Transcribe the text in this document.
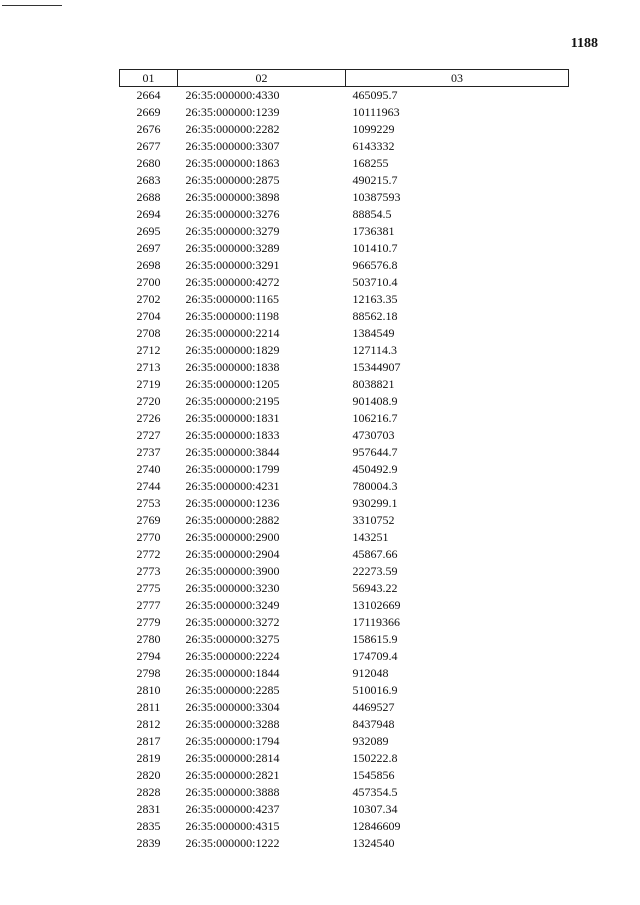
1188
01	02	03
2664	26:35:000000:4330	465095.7
2669	26:35:000000:1239	10111963
2676	26:35:000000:2282	1099229
2677	26:35:000000:3307	6143332
2680	26:35:000000:1863	168255
2683	26:35:000000:2875	490215.7
2688	26:35:000000:3898	10387593
2694	26:35:000000:3276	88854.5
2695	26:35:000000:3279	1736381
2697	26:35:000000:3289	101410.7
2698	26:35:000000:3291	966576.8
2700	26:35:000000:4272	503710.4
2702	26:35:000000:1165	12163.35
2704	26:35:000000:1198	88562.18
2708	26:35:000000:2214	1384549
2712	26:35:000000:1829	127114.3
2713	26:35:000000:1838	15344907
2719	26:35:000000:1205	8038821
2720	26:35:000000:2195	901408.9
2726	26:35:000000:1831	106216.7
2727	26:35:000000:1833	4730703
2737	26:35:000000:3844	957644.7
2740	26:35:000000:1799	450492.9
2744	26:35:000000:4231	780004.3
2753	26:35:000000:1236	930299.1
2769	26:35:000000:2882	3310752
2770	26:35:000000:2900	143251
2772	26:35:000000:2904	45867.66
2773	26:35:000000:3900	22273.59
2775	26:35:000000:3230	56943.22
2777	26:35:000000:3249	13102669
2779	26:35:000000:3272	17119366
2780	26:35:000000:3275	158615.9
2794	26:35:000000:2224	174709.4
2798	26:35:000000:1844	912048
2810	26:35:000000:2285	510016.9
2811	26:35:000000:3304	4469527
2812	26:35:000000:3288	8437948
2817	26:35:000000:1794	932089
2819	26:35:000000:2814	150222.8
2820	26:35:000000:2821	1545856
2828	26:35:000000:3888	457354.5
2831	26:35:000000:4237	10307.34
2835	26:35:000000:4315	12846609
2839	26:35:000000:1222	1324540
